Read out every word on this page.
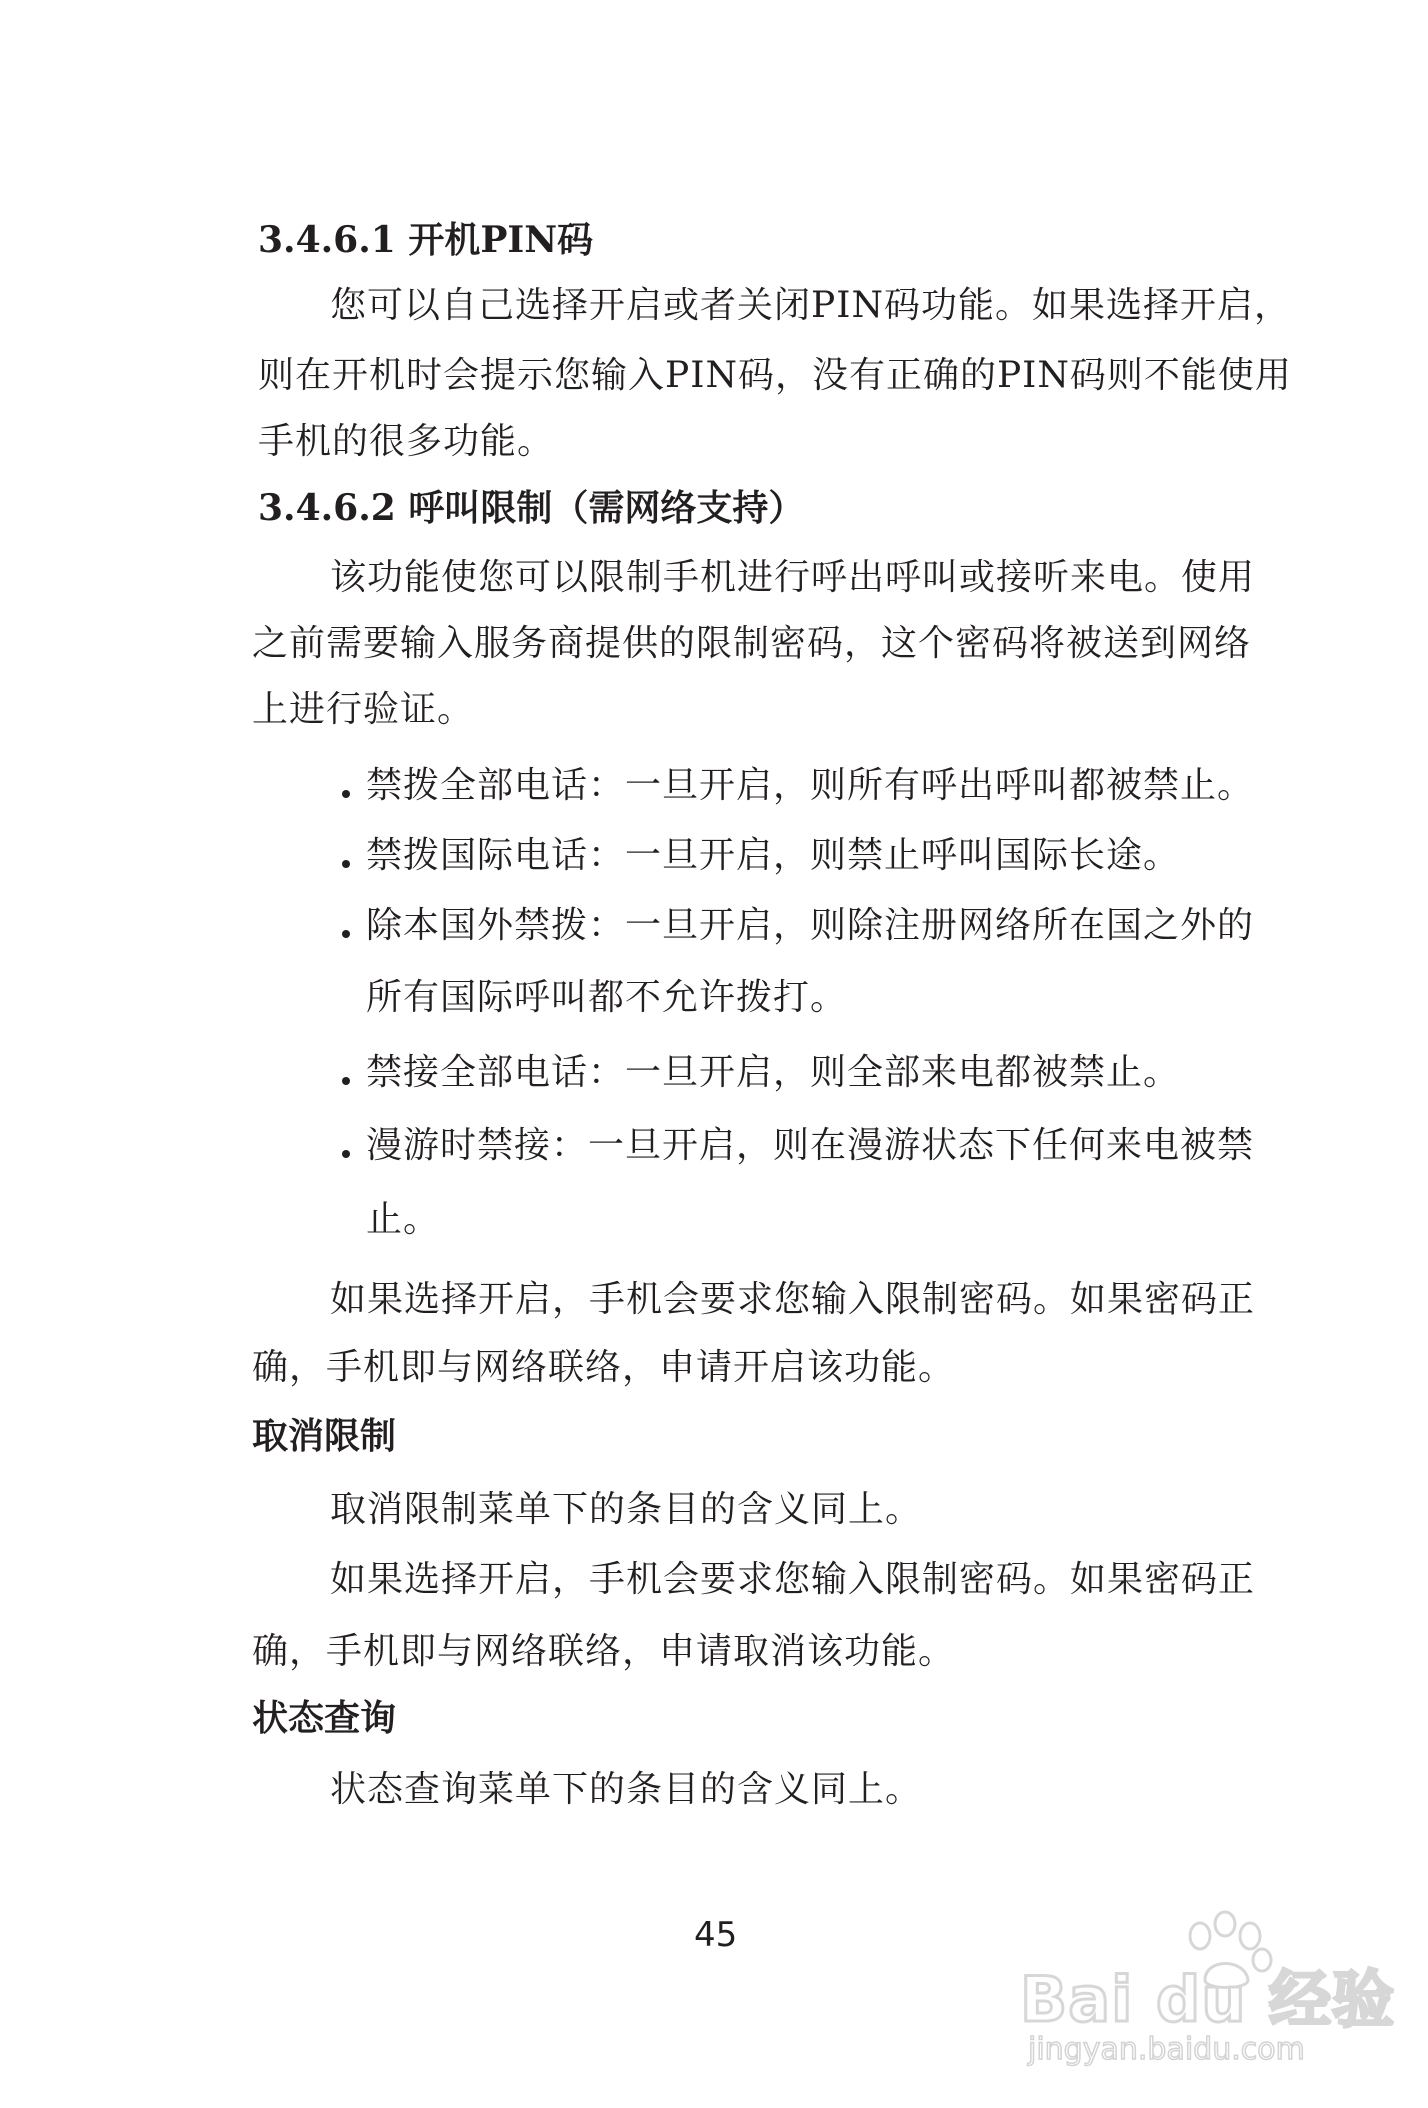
3.4.6.1 开机PIN码
您可以自己选择开启或者关闭PIN码功能。如果选择开启，
则在开机时会提示您输入PIN码，没有正确的PIN码则不能使用
手机的很多功能。
3.4.6.2 呼叫限制（需网络支持）
该功能使您可以限制手机进行呼出呼叫或接听来电。使用
之前需要输入服务商提供的限制密码，这个密码将被送到网络
上进行验证。
禁拨全部电话：一旦开启，则所有呼出呼叫都被禁止。
禁拨国际电话：一旦开启，则禁止呼叫国际长途。
除本国外禁拨：一旦开启，则除注册网络所在国之外的
所有国际呼叫都不允许拨打。
禁接全部电话：一旦开启，则全部来电都被禁止。
漫游时禁接：一旦开启，则在漫游状态下任何来电被禁
止。
如果选择开启，手机会要求您输入限制密码。如果密码正
确，手机即与网络联络，申请开启该功能。
取消限制
取消限制菜单下的条目的含义同上。
如果选择开启，手机会要求您输入限制密码。如果密码正
确，手机即与网络联络，申请取消该功能。
状态查询
状态查询菜单下的条目的含义同上。
45
Bai du 经验
jingyan.baidu.com
